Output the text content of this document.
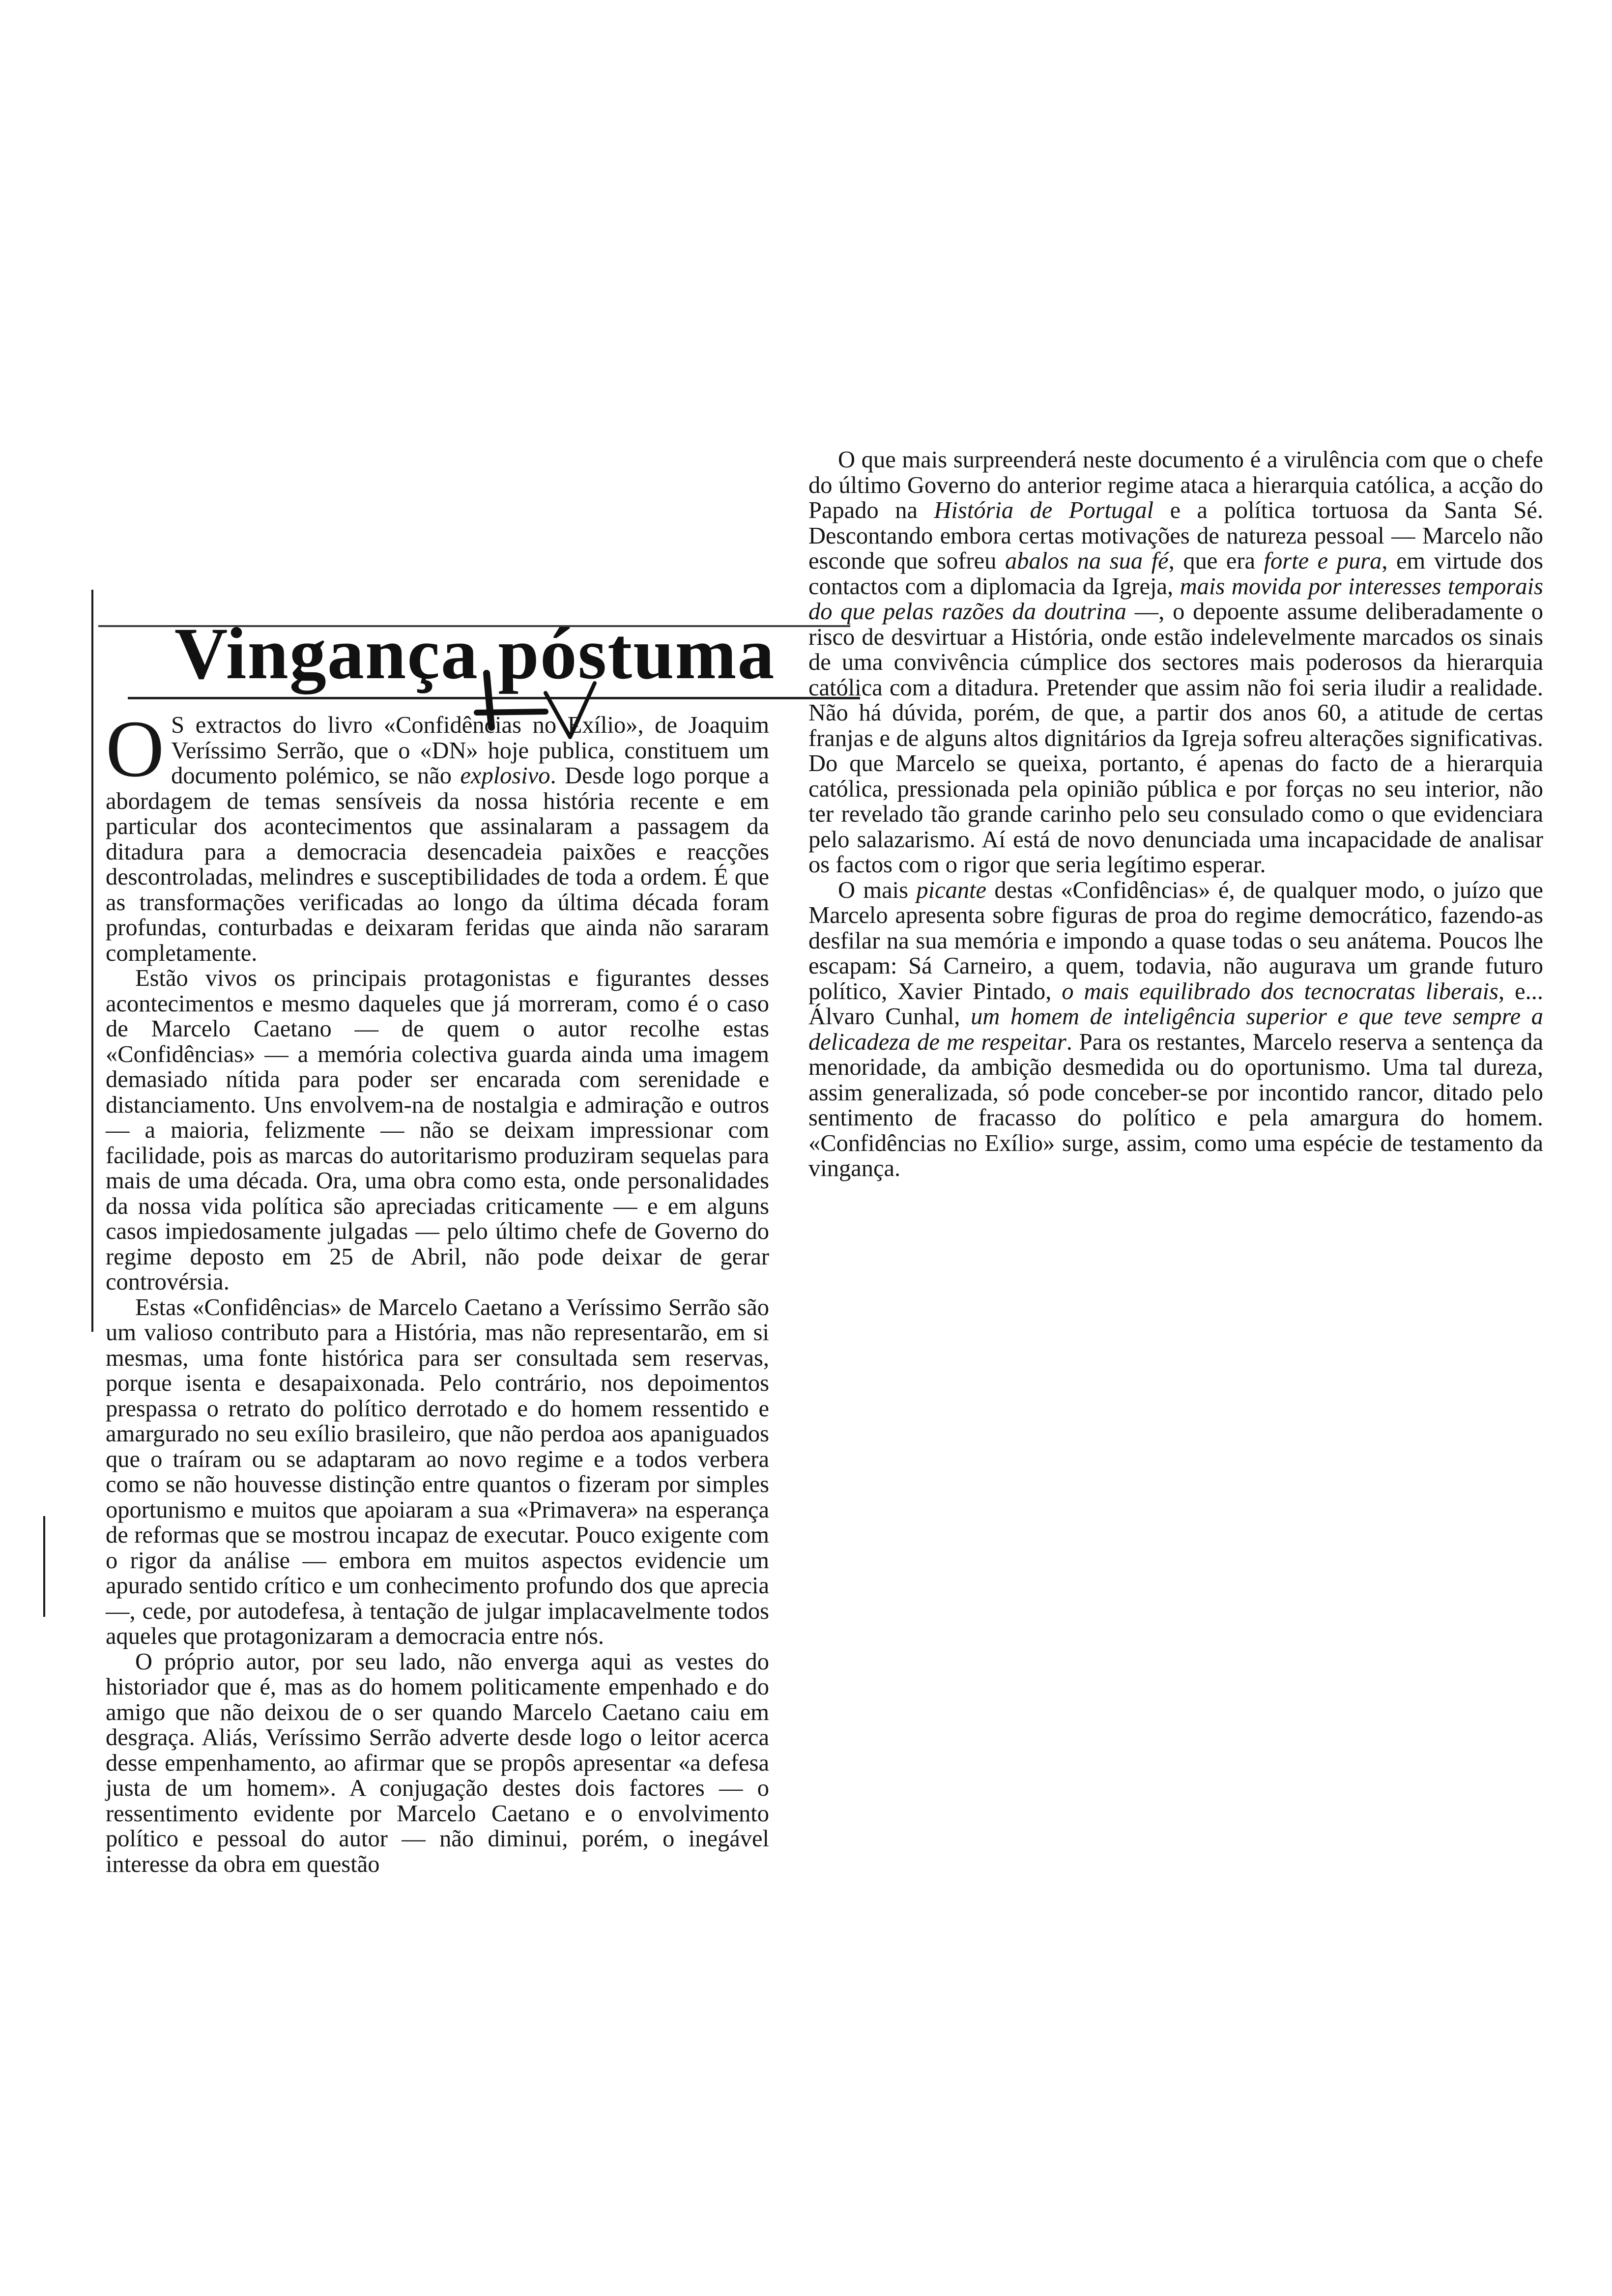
Vingança póstuma

O S extractos do livro «Confidências no Exílio», de Joaquim Veríssimo Serrão, que o «DN» hoje publica, constituem um documento polémico, se não explosivo. Desde logo porque a abordagem de temas sensíveis da nossa história recente e em particular dos acontecimentos que assinalaram a passagem da ditadura para a democracia desencadeia paixões e reacções descontroladas, melindres e susceptibilidades de toda a ordem. É que as transformações verificadas ao longo da última década foram profundas, conturbadas e deixaram feridas que ainda não sararam completamente.

Estão vivos os principais protagonistas e figurantes desses acontecimentos e mesmo daqueles que já morreram, como é o caso de Marcelo Caetano — de quem o autor recolhe estas «Confidências» — a memória colectiva guarda ainda uma imagem demasiado nítida para poder ser encarada com serenidade e distanciamento. Uns envolvem-na de nostalgia e admiração e outros — a maioria, felizmente — não se deixam impressionar com facilidade, pois as marcas do autoritarismo produziram sequelas para mais de uma década. Ora, uma obra como esta, onde personalidades da nossa vida política são apreciadas criticamente — e em alguns casos impiedosamente julgadas — pelo último chefe de Governo do regime deposto em 25 de Abril, não pode deixar de gerar controvérsia.

Estas «Confidências» de Marcelo Caetano a Veríssimo Serrão são um valioso contributo para a História, mas não representarão, em si mesmas, uma fonte histórica para ser consultada sem reservas, porque isenta e desapaixonada. Pelo contrário, nos depoimentos prespassa o retrato do político derrotado e do homem ressentido e amargurado no seu exílio brasileiro, que não perdoa aos apaniguados que o traíram ou se adaptaram ao novo regime e a todos verbera como se não houvesse distinção entre quantos o fizeram por simples oportunismo e muitos que apoiaram a sua «Primavera» na esperança de reformas que se mostrou incapaz de executar. Pouco exigente com o rigor da análise — embora em muitos aspectos evidencie um apurado sentido crítico e um conhecimento profundo dos que aprecia —, cede, por autodefesa, à tentação de julgar implacavelmente todos aqueles que protagonizaram a democracia entre nós.

O próprio autor, por seu lado, não enverga aqui as vestes do historiador que é, mas as do homem politicamente empenhado e do amigo que não deixou de o ser quando Marcelo Caetano caiu em desgraça. Aliás, Veríssimo Serrão adverte desde logo o leitor acerca desse empenhamento, ao afirmar que se propôs apresentar «a defesa justa de um homem». A conjugação destes dois factores — o ressentimento evidente por Marcelo Caetano e o envolvimento político e pessoal do autor — não diminui, porém, o inegável interesse da obra em questão

O que mais surpreenderá neste documento é a virulência com que o chefe do último Governo do anterior regime ataca a hierarquia católica, a acção do Papado na História de Portugal e a política tortuosa da Santa Sé. Descontando embora certas motivações de natureza pessoal — Marcelo não esconde que sofreu abalos na sua fé, que era forte e pura, em virtude dos contactos com a diplomacia da Igreja, mais movida por interesses temporais do que pelas razões da doutrina —, o depoente assume deliberadamente o risco de desvirtuar a História, onde estão indelevelmente marcados os sinais de uma convivência cúmplice dos sectores mais poderosos da hierarquia católica com a ditadura. Pretender que assim não foi seria iludir a realidade. Não há dúvida, porém, de que, a partir dos anos 60, a atitude de certas franjas e de alguns altos dignitários da Igreja sofreu alterações significativas. Do que Marcelo se queixa, portanto, é apenas do facto de a hierarquia católica, pressionada pela opinião pública e por forças no seu interior, não ter revelado tão grande carinho pelo seu consulado como o que evidenciara pelo salazarismo. Aí está de novo denunciada uma incapacidade de analisar os factos com o rigor que seria legítimo esperar.

O mais picante destas «Confidências» é, de qualquer modo, o juízo que Marcelo apresenta sobre figuras de proa do regime democrático, fazendo-as desfilar na sua memória e impondo a quase todas o seu anátema. Poucos lhe escapam: Sá Carneiro, a quem, todavia, não augurava um grande futuro político, Xavier Pintado, o mais equilibrado dos tecnocratas liberais, e... Álvaro Cunhal, um homem de inteligência superior e que teve sempre a delicadeza de me respeitar. Para os restantes, Marcelo reserva a sentença da menoridade, da ambição desmedida ou do oportunismo. Uma tal dureza, assim generalizada, só pode conceber-se por incontido rancor, ditado pelo sentimento de fracasso do político e pela amargura do homem. «Confidências no Exílio» surge, assim, como uma espécie de testamento da vingança.
